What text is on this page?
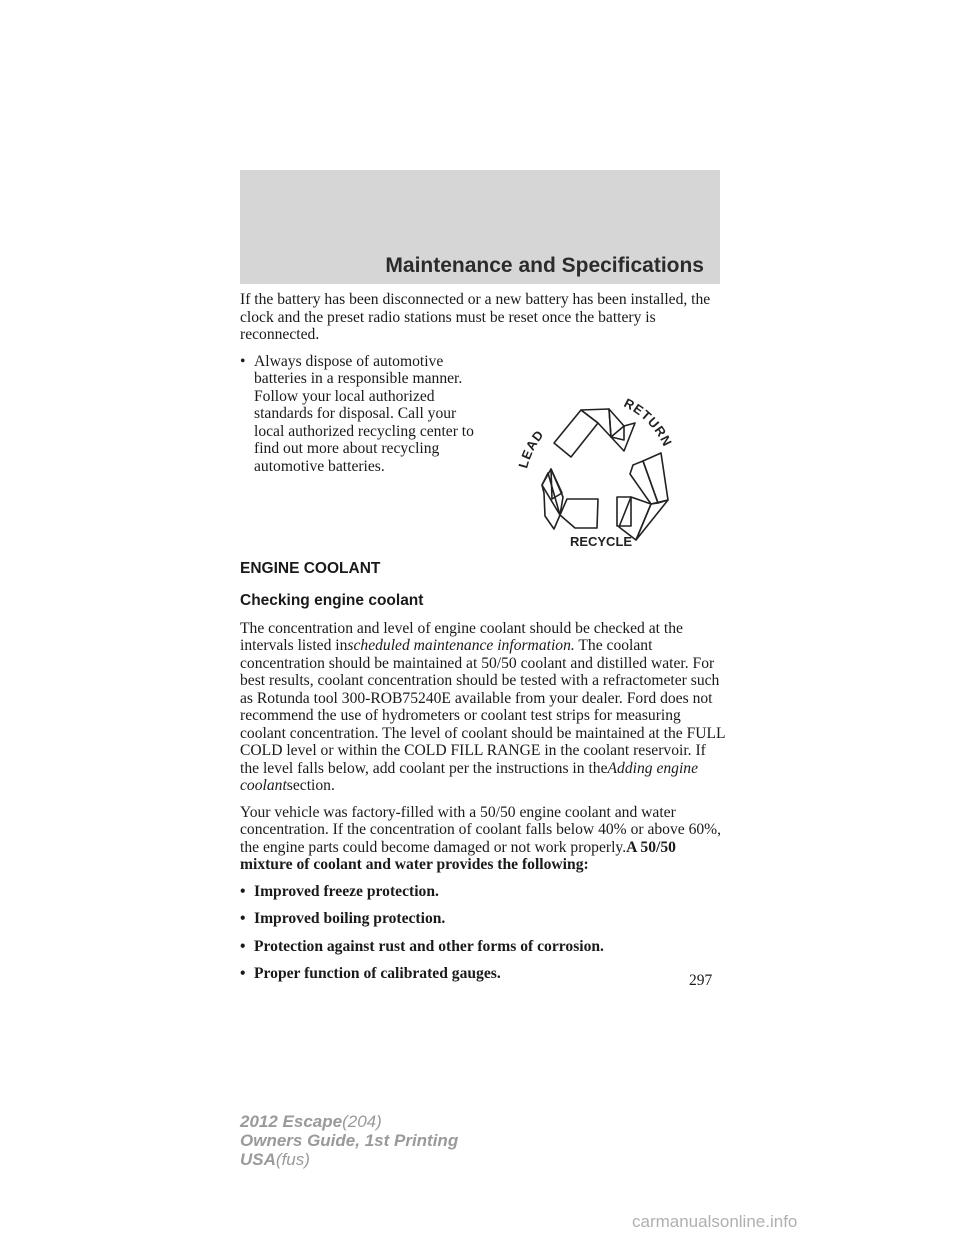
Maintenance and Specifications

If the battery has been disconnected or a new battery has been installed, the clock and the preset radio stations must be reset once the battery is reconnected.

• Always dispose of automotive batteries in a responsible manner. Follow your local authorized standards for disposal. Call your local authorized recycling center to find out more about recycling automotive batteries.	LEAD
RETURN
RECYCLE
ENGINE COOLANT
Checking engine coolant

The concentration and level of engine coolant should be checked at the intervals listed inscheduled maintenance information. The coolant concentration should be maintained at 50/50 coolant and distilled water. For best results, coolant concentration should be tested with a refractometer such as Rotunda tool 300-ROB75240E available from your dealer. Ford does not recommend the use of hydrometers or coolant test strips for measuring coolant concentration. The level of coolant should be maintained at the FULL COLD level or within the COLD FILL RANGE in the coolant reservoir. If the level falls below, add coolant per the instructions in theAdding engine coolantsection.

Your vehicle was factory-filled with a 50/50 engine coolant and water concentration. If the concentration of coolant falls below 40% or above 60%, the engine parts could become damaged or not work properly.A 50/50 mixture of coolant and water provides the following:

• Improved freeze protection.
• Improved boiling protection.
• Protection against rust and other forms of corrosion.
• Proper function of calibrated gauges.	297
2012 Escape(204)
Owners Guide, 1st Printing
USA(fus)
carmanualsonline.info
